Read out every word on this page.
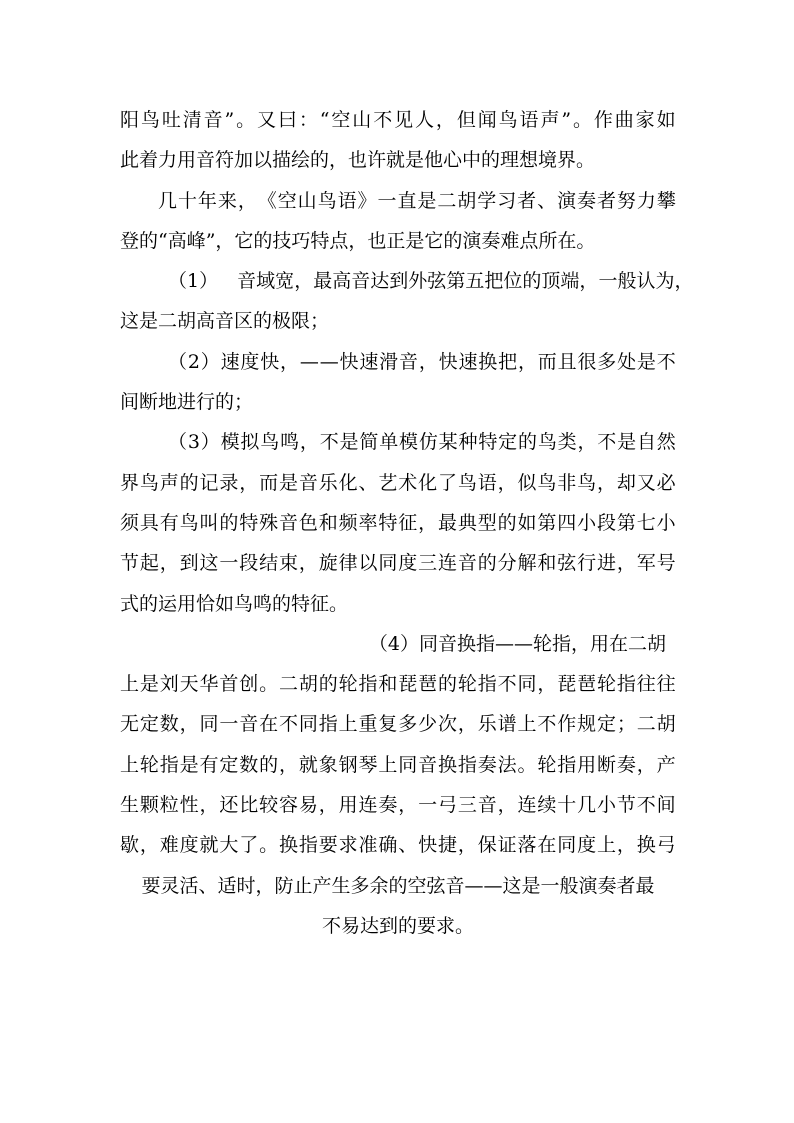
阳 鸟 吐 清 音 ” 。 又 曰 ： “ 空 山 不 见 人 ， 但 闻 鸟 语 声 ” 。 作 曲 家 如
此着力用音符加以描绘的，也许就是他心中的理想境界。
几 十 年 来 ， 《 空 山 鸟 语 》 一 直 是 二 胡 学 习 者 、 演 奏 者 努 力 攀
登的“高峰”，它的技巧特点，也正是它的演奏难点所在。
（ 1 ）
　 音 域 宽 ， 最 高 音 达 到 外 弦 第 五 把 位 的 顶 端 ， 一 般 认 为 ，
这是二胡高音区的极限；
（ 2 ） 速 度 快 ， — — 快 速 滑 音 ， 快 速 换 把 ， 而 且 很 多 处 是 不
间断地进行的；
（ 3 ） 模 拟 鸟 鸣 ， 不 是 简 单 模 仿 某 种 特 定 的 鸟 类 ， 不 是 自 然
界 鸟 声 的 记 录 ， 而 是 音 乐 化 、 艺 术 化 了 鸟 语 ， 似 鸟 非 鸟 ， 却 又 必
须 具 有 鸟 叫 的 特 殊 音 色 和 频 率 特 征 ， 最 典 型 的 如 第 四 小 段 第 七 小
节 起 ， 到 这 一 段 结 束 ， 旋 律 以 同 度 三 连 音 的 分 解 和 弦 行 进 ， 军 号
式的运用恰如鸟鸣的特征。
（4）同音换指——轮指，用在二胡
上 是 刘 天 华 首 创 。 二 胡 的 轮 指 和 琵 琶 的 轮 指 不 同 ， 琵 琶 轮 指 往 往
无 定 数 ， 同 一 音 在 不 同 指 上 重 复 多 少 次 ， 乐 谱 上 不 作 规 定 ； 二 胡
上 轮 指 是 有 定 数 的 ， 就 象 钢 琴 上 同 音 换 指 奏 法 。 轮 指 用 断 奏 ， 产
生 颗 粒 性 ， 还 比 较 容 易 ， 用 连 奏 ， 一 弓 三 音 ， 连 续 十 几 小 节 不 间
歇 ， 难 度 就 大 了 。 换 指 要 求 准 确 、 快 捷 ， 保 证 落 在 同 度 上 ， 换 弓
要灵活、适时，防止产生多余的空弦音——这是一般演奏者最
不易达到的要求。
